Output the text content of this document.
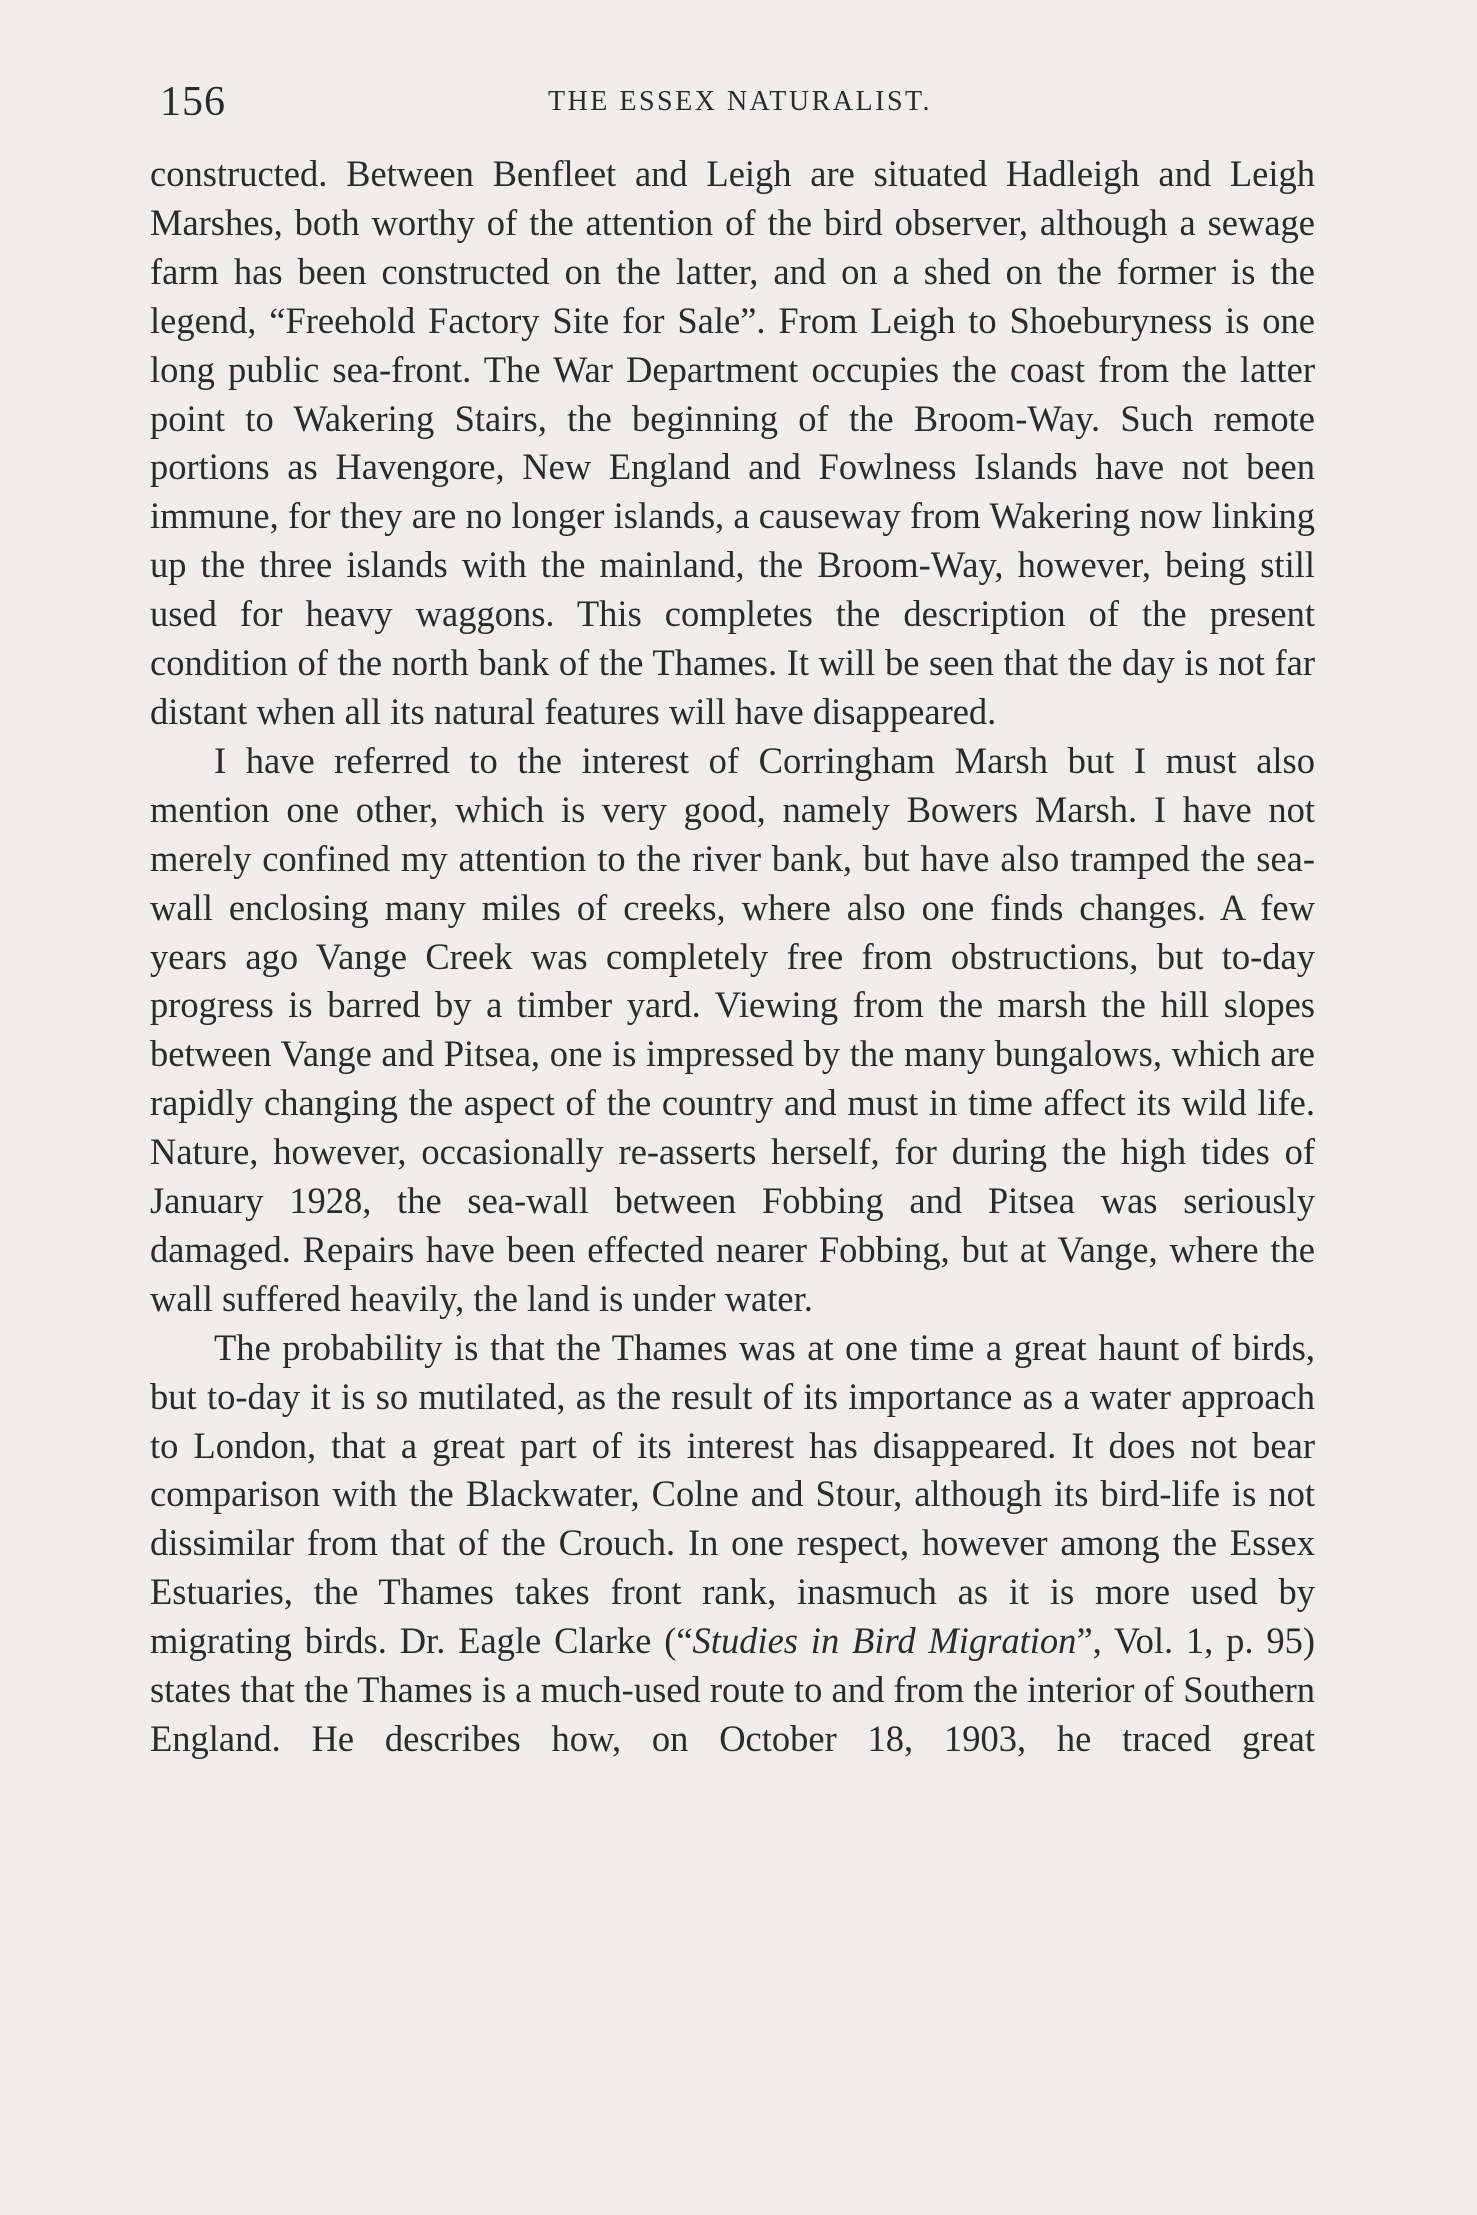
156	THE ESSEX NATURALIST.

constructed. Between Benfleet and Leigh are situated Hadleigh and Leigh Marshes, both worthy of the attention of the bird observer, although a sewage farm has been constructed on the latter, and on a shed on the former is the legend, “Freehold Factory Site for Sale”. From Leigh to Shoeburyness is one long public sea-front. The War Department occupies the coast from the latter point to Wakering Stairs, the beginning of the Broom-Way. Such remote portions as Havengore, New England and Fowlness Islands have not been immune, for they are no longer islands, a causeway from Wakering now linking up the three islands with the mainland, the Broom-Way, however, being still used for heavy waggons. This completes the description of the present condition of the north bank of the Thames. It will be seen that the day is not far distant when all its natural features will have disappeared.

I have referred to the interest of Corringham Marsh but I must also mention one other, which is very good, namely Bowers Marsh. I have not merely confined my attention to the river bank, but have also tramped the sea-wall enclosing many miles of creeks, where also one finds changes. A few years ago Vange Creek was completely free from obstructions, but to-day progress is barred by a timber yard. Viewing from the marsh the hill slopes between Vange and Pitsea, one is impressed by the many bungalows, which are rapidly changing the aspect of the country and must in time affect its wild life. Nature, however, occasionally re-asserts herself, for during the high tides of January 1928, the sea-wall between Fobbing and Pitsea was seriously damaged. Repairs have been effected nearer Fobbing, but at Vange, where the wall suffered heavily, the land is under water.

The probability is that the Thames was at one time a great haunt of birds, but to-day it is so mutilated, as the result of its importance as a water approach to London, that a great part of its interest has disappeared. It does not bear comparison with the Blackwater, Colne and Stour, although its bird-life is not dissimilar from that of the Crouch. In one respect, however among the Essex Estuaries, the Thames takes front rank, inasmuch as it is more used by migrating birds. Dr. Eagle Clarke (“Studies in Bird Migration”, Vol. 1, p. 95) states that the Thames is a much-used route to and from the interior of Southern England. He describes how, on October 18, 1903, he traced great
